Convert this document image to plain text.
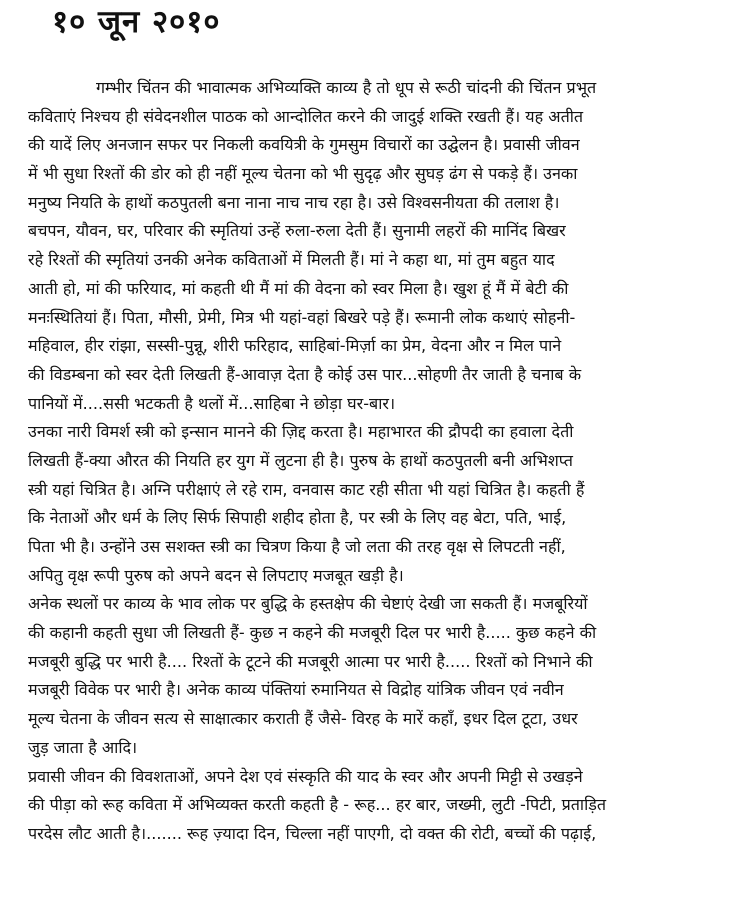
१० जून २०१०
गम्भीर चिंतन की भावात्मक अभिव्यक्ति काव्य है तो धूप से रूठी चांदनी की चिंतन प्रभूत
कविताएं निश्चय ही संवेदनशील पाठक को आन्दोलित करने की जादुई शक्ति रखती हैं। यह अतीत
की यादें लिए अनजान सफर पर निकली कवयित्री के गुमसुम विचारों का उद्घेलन है। प्रवासी जीवन
में भी सुधा रिश्तों की डोर को ही नहीं मूल्य चेतना को भी सुदृढ़ और सुघड़ ढंग से पकड़े हैं। उनका
मनुष्य नियति के हाथों कठपुतली बना नाना नाच नाच रहा है। उसे विश्वसनीयता की तलाश है।
बचपन, यौवन, घर, परिवार की स्मृतियां उन्हें रुला-रुला देती हैं। सुनामी लहरों की मानिंद बिखर
रहे रिश्तों की स्मृतियां उनकी अनेक कविताओं में मिलती हैं। मां ने कहा था, मां तुम बहुत याद
आती हो, मां की फरियाद, मां कहती थी मैं मां की वेदना को स्वर मिला है। खुश हूं मैं में बेटी की
मनःस्थितियां हैं। पिता, मौसी, प्रेमी, मित्र भी यहां-वहां बिखरे पड़े हैं। रूमानी लोक कथाएं सोहनी-
महिवाल, हीर रांझा, सस्सी-पुन्नू, शीरी फरिहाद, साहिबां-मिर्ज़ा का प्रेम, वेदना और न मिल पाने
की विडम्बना को स्वर देती लिखती हैं-आवाज़ देता है कोई उस पार...सोहणी तैर जाती है चनाब के
पानियों में....ससी भटकती है थलों में...साहिबा ने छोड़ा घर-बार।
उनका नारी विमर्श स्त्री को इन्सान मानने की ज़िद्द करता है। महाभारत की द्रौपदी का हवाला देती
लिखती हैं-क्या औरत की नियति हर युग में लुटना ही है। पुरुष के हाथों कठपुतली बनी अभिशप्त
स्त्री यहां चित्रित है। अग्नि परीक्षाएं ले रहे राम, वनवास काट रही सीता भी यहां चित्रित है। कहती हैं
कि नेताओं और धर्म के लिए सिर्फ सिपाही शहीद होता है, पर स्त्री के लिए वह बेटा, पति, भाई,
पिता भी है। उन्होंने उस सशक्त स्त्री का चित्रण किया है जो लता की तरह वृक्ष से लिपटती नहीं,
अपितु वृक्ष रूपी पुरुष को अपने बदन से लिपटाए मजबूत खड़ी है।
अनेक स्थलों पर काव्य के भाव लोक पर बुद्धि के हस्तक्षेप की चेष्टाएं देखी जा सकती हैं। मजबूरियों
की कहानी कहती सुधा जी लिखती हैं- कुछ न कहने की मजबूरी दिल पर भारी है..... कुछ कहने की
मजबूरी बुद्धि पर भारी है.... रिश्तों के टूटने की मजबूरी आत्मा पर भारी है..... रिश्तों को निभाने की
मजबूरी विवेक पर भारी है। अनेक काव्य पंक्तियां रुमानियत से विद्रोह यांत्रिक जीवन एवं नवीन
मूल्य चेतना के जीवन सत्य से साक्षात्कार कराती हैं जैसे- विरह के मारें कहाँ, इधर दिल टूटा, उधर
जुड़ जाता है आदि।
प्रवासी जीवन की विवशताओं, अपने देश एवं संस्कृति की याद के स्वर और अपनी मिट्टी से उखड़ने
की पीड़ा को रूह कविता में अभिव्यक्त करती कहती है - रूह... हर बार, जख्मी, लुटी -पिटी, प्रताड़ित
परदेस लौट आती है।....... रूह ज़्यादा दिन, चिल्ला नहीं पाएगी, दो वक्त की रोटी, बच्चों की पढ़ाई,
